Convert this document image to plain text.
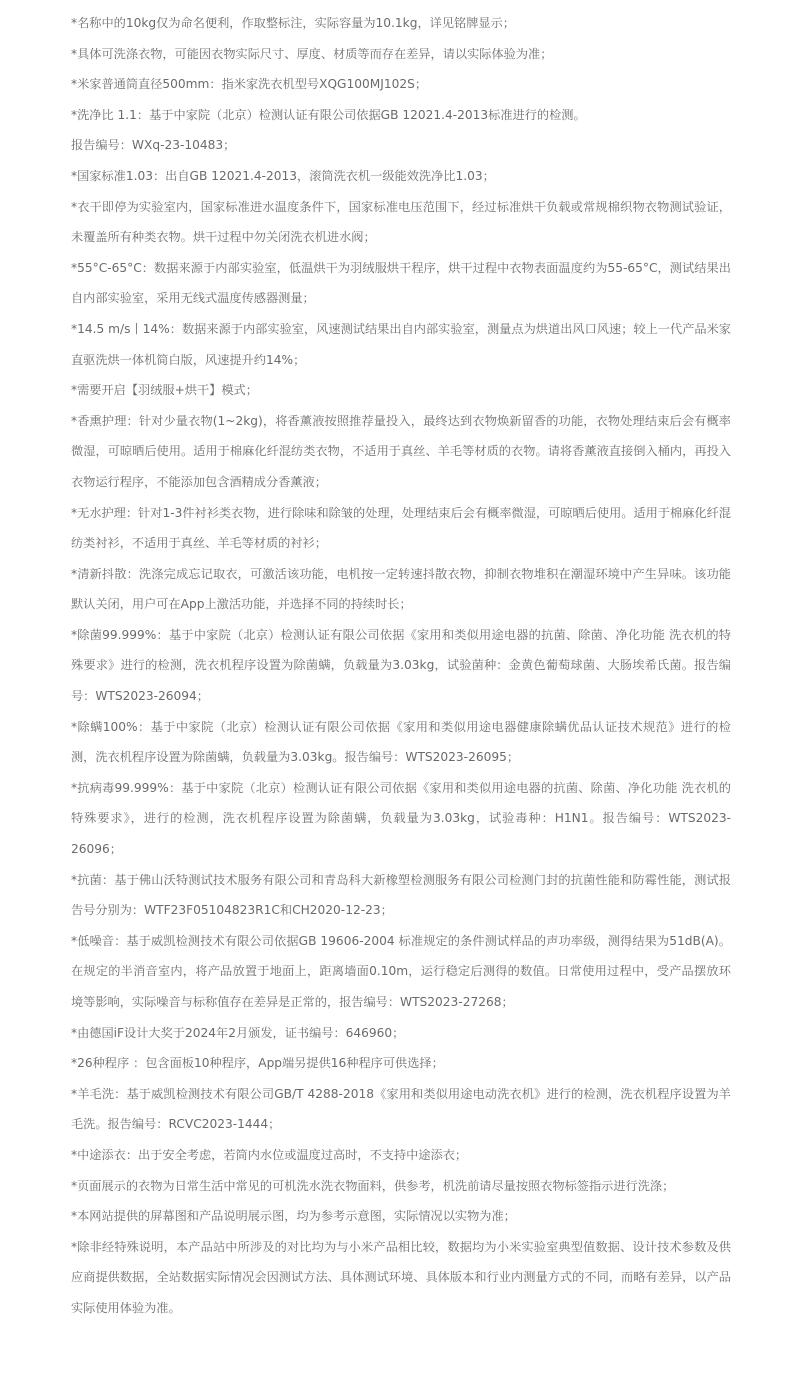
*名称中的10kg仅为命名便利，作取整标注，实际容量为10.1kg，详见铭牌显示；
*具体可洗涤衣物，可能因衣物实际尺寸、厚度、材质等而存在差异，请以实际体验为准；
*米家普通筒直径500mm：指米家洗衣机型号XQG100MJ102S；
*洗净比 1.1：基于中家院（北京）检测认证有限公司依据GB 12021.4-2013标准进行的检测。
报告编号：WXq-23-10483；
*国家标准1.03：出自GB 12021.4-2013，滚筒洗衣机一级能效洗净比1.03；
*衣干即停为实验室内，国家标准进水温度条件下，国家标准电压范围下，经过标准烘干负载或常规棉织物衣物测试验证，未覆盖所有种类衣物。烘干过程中勿关闭洗衣机进水阀；
*55°C-65°C：数据来源于内部实验室，低温烘干为羽绒服烘干程序，烘干过程中衣物表面温度约为55-65°C，测试结果出自内部实验室，采用无线式温度传感器测量；
*14.5 m/s丨14%：数据来源于内部实验室，风速测试结果出自内部实验室，测量点为烘道出风口风速；较上一代产品米家直驱洗烘一体机简白版，风速提升约14%；
*需要开启【羽绒服+烘干】模式；
*香熏护理：针对少量衣物(1~2kg)，将香薰液按照推荐量投入，最终达到衣物焕新留香的功能，衣物处理结束后会有概率微湿，可晾晒后使用。适用于棉麻化纤混纺类衣物，不适用于真丝、羊毛等材质的衣物。请将香薰液直接倒入桶内，再投入衣物运行程序，不能添加包含酒精成分香薰液；
*无水护理：针对1-3件衬衫类衣物，进行除味和除皱的处理，处理结束后会有概率微湿，可晾晒后使用。适用于棉麻化纤混纺类衬衫，不适用于真丝、羊毛等材质的衬衫；
*清新抖散：洗涤完成忘记取衣，可激活该功能，电机按一定转速抖散衣物，抑制衣物堆积在潮湿环境中产生异味。该功能默认关闭，用户可在App上激活功能，并选择不同的持续时长；
*除菌99.999%：基于中家院（北京）检测认证有限公司依据《家用和类似用途电器的抗菌、除菌、净化功能 洗衣机的特殊要求》进行的检测，洗衣机程序设置为除菌螨，负载量为3.03kg，试验菌种：金黄色葡萄球菌、大肠埃希氏菌。报告编号：WTS2023-26094；
*除螨100%：基于中家院（北京）检测认证有限公司依据《家用和类似用途电器健康除螨优品认证技术规范》进行的检测，洗衣机程序设置为除菌螨，负载量为3.03kg。报告编号：WTS2023-26095；
*抗病毒99.999%：基于中家院（北京）检测认证有限公司依据《家用和类似用途电器的抗菌、除菌、净化功能 洗衣机的特殊要求》，进行的检测，洗衣机程序设置为除菌螨，负载量为3.03kg，试验毒种：H1N1。报告编号：WTS2023-26096；
*抗菌：基于佛山沃特测试技术服务有限公司和青岛科大新橡塑检测服务有限公司检测门封的抗菌性能和防霉性能，测试报告号分别为：WTF23F05104823R1C和CH2020-12-23；
*低噪音：基于威凯检测技术有限公司依据GB 19606-2004 标准规定的条件测试样品的声功率级，测得结果为51dB(A)。在规定的半消音室内，将产品放置于地面上，距离墙面0.10m，运行稳定后测得的数值。日常使用过程中，受产品摆放环境等影响，实际噪音与标称值存在差异是正常的，报告编号：WTS2023-27268；
*由德国iF设计大奖于2024年2月颁发，证书编号：646960；
*26种程序 ：包含面板10种程序，App端另提供16种程序可供选择；
*羊毛洗：基于威凯检测技术有限公司GB/T 4288-2018《家用和类似用途电动洗衣机》进行的检测，洗衣机程序设置为羊毛洗。报告编号：RCVC2023-1444；
*中途添衣：出于安全考虑，若筒内水位或温度过高时，不支持中途添衣；
*页面展示的衣物为日常生活中常见的可机洗水洗衣物面料，供参考，机洗前请尽量按照衣物标签指示进行洗涤；
*本网站提供的屏幕图和产品说明展示图，均为参考示意图，实际情况以实物为准；
*除非经特殊说明，本产品站中所涉及的对比均为与小米产品相比较，数据均为小米实验室典型值数据、设计技术参数及供应商提供数据，全站数据实际情况会因测试方法、具体测试环境、具体版本和行业内测量方式的不同，而略有差异，以产品实际使用体验为准。
